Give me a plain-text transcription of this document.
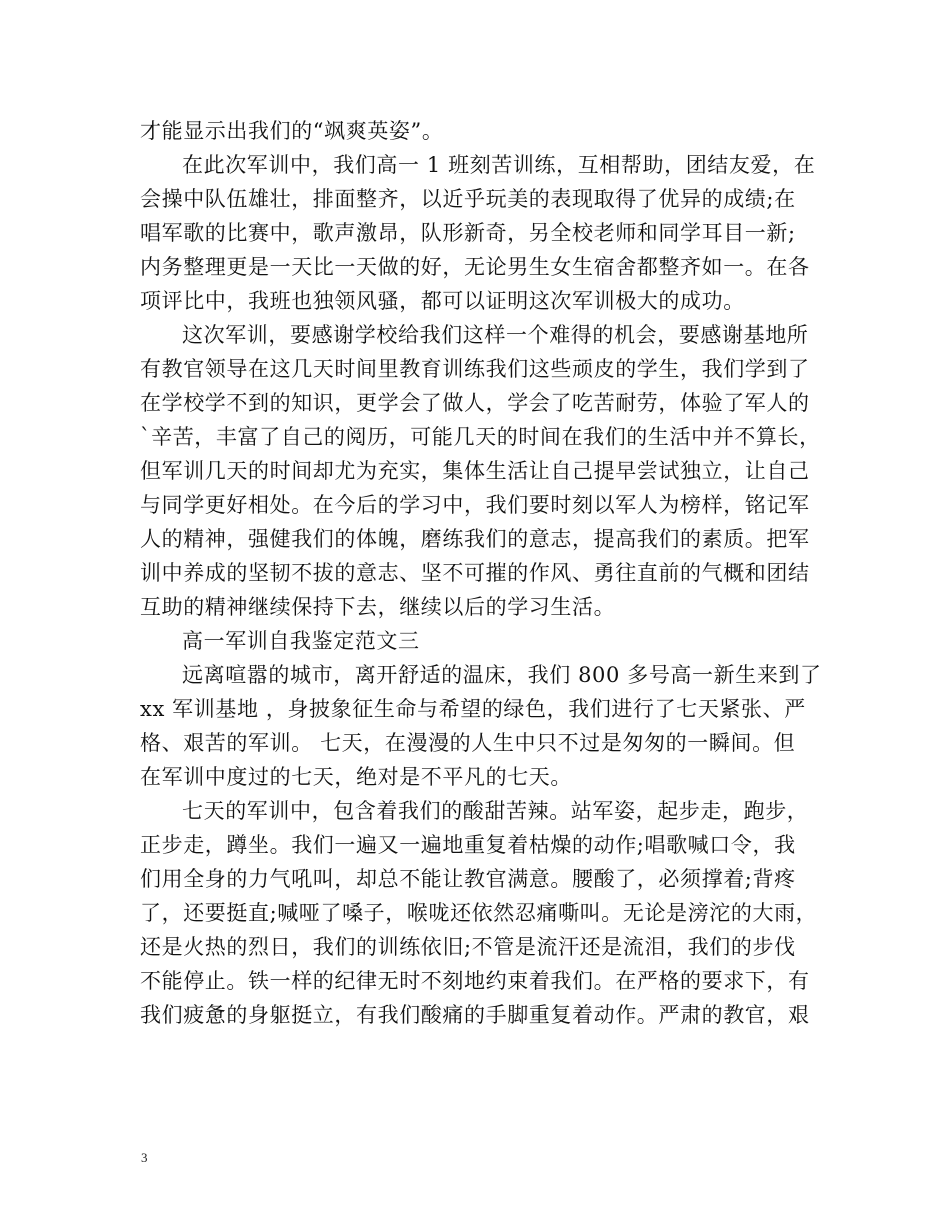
才能显示出我们的“飒爽英姿”。
在此次军训中，我们高一 1 班刻苦训练，互相帮助，团结友爱，在
会操中队伍雄壮，排面整齐，以近乎玩美的表现取得了优异的成绩;在
唱军歌的比赛中，歌声激昂，队形新奇，另全校老师和同学耳目一新;
内务整理更是一天比一天做的好，无论男生女生宿舍都整齐如一。在各
项评比中，我班也独领风骚，都可以证明这次军训极大的成功。
这次军训，要感谢学校给我们这样一个难得的机会，要感谢基地所
有教官领导在这几天时间里教育训练我们这些顽皮的学生，我们学到了
在学校学不到的知识，更学会了做人，学会了吃苦耐劳，体验了军人的
`辛苦，丰富了自己的阅历，可能几天的时间在我们的生活中并不算长，
但军训几天的时间却尤为充实，集体生活让自己提早尝试独立，让自己
与同学更好相处。在今后的学习中，我们要时刻以军人为榜样，铭记军
人的精神，强健我们的体魄，磨练我们的意志，提高我们的素质。把军
训中养成的坚韧不拔的意志、坚不可摧的作风、勇往直前的气概和团结
互助的精神继续保持下去，继续以后的学习生活。
高一军训自我鉴定范文三
远离喧嚣的城市，离开舒适的温床，我们 800 多号高一新生来到了
xx 军训基地 ，身披象征生命与希望的绿色，我们进行了七天紧张、严
格、艰苦的军训。 七天，在漫漫的人生中只不过是匆匆的一瞬间。但
在军训中度过的七天，绝对是不平凡的七天。
七天的军训中，包含着我们的酸甜苦辣。站军姿，起步走，跑步，
正步走，蹲坐。我们一遍又一遍地重复着枯燥的动作;唱歌喊口令，我
们用全身的力气吼叫，却总不能让教官满意。腰酸了，必须撑着;背疼
了，还要挺直;喊哑了嗓子，喉咙还依然忍痛嘶叫。无论是滂沱的大雨，
还是火热的烈日，我们的训练依旧;不管是流汗还是流泪，我们的步伐
不能停止。铁一样的纪律无时不刻地约束着我们。在严格的要求下，有
我们疲惫的身躯挺立，有我们酸痛的手脚重复着动作。严肃的教官，艰
3
